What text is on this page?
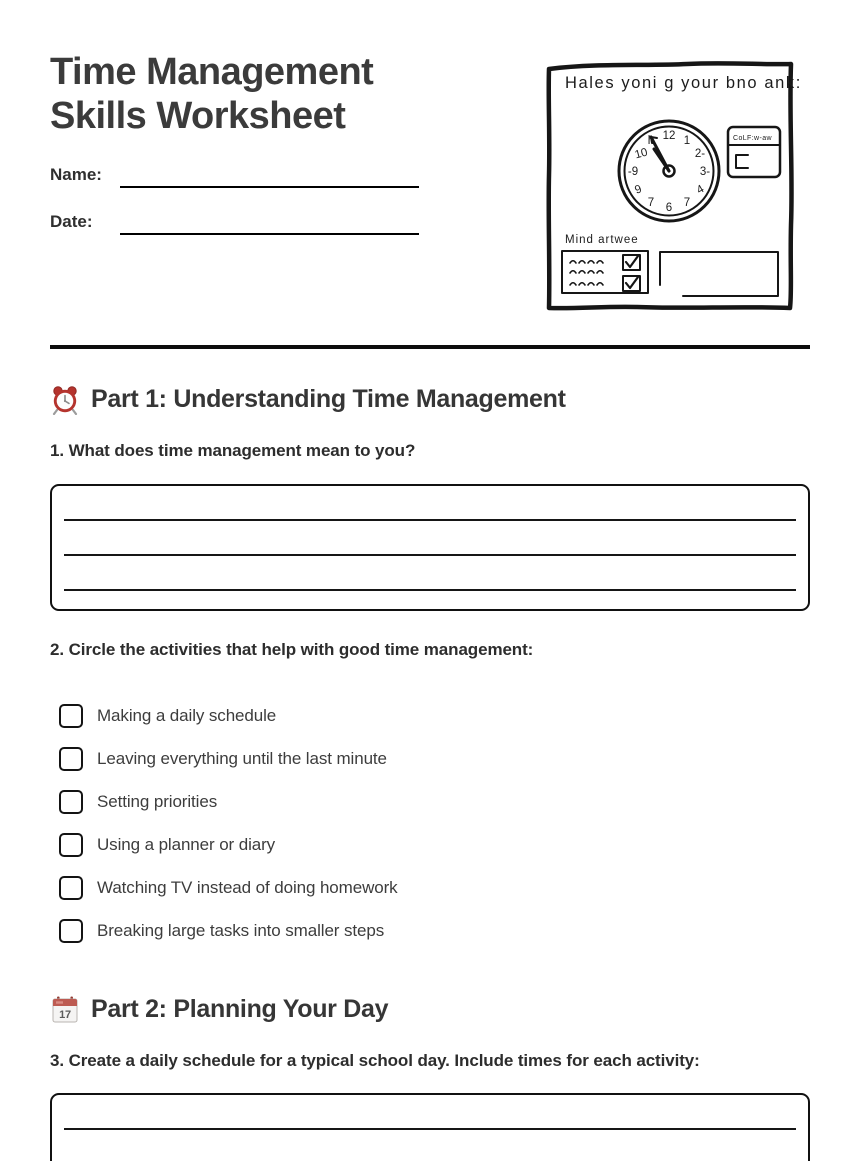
Time Management
Skills Worksheet
Name:
Date:
Hales yoni g your bno ank:
12 1
2-
3-
4
7
6
7
9
-9
10
h	CoLF:w-aw
Mind artwee
Part 1: Understanding Time Management
1. What does time management mean to you?
2. Circle the activities that help with good time management:
Making a daily schedule
Leaving everything until the last minute
Setting priorities
Using a planner or diary
Watching TV instead of doing homework
Breaking large tasks into smaller steps
17 Part 2: Planning Your Day
3. Create a daily schedule for a typical school day. Include times for each activity:
